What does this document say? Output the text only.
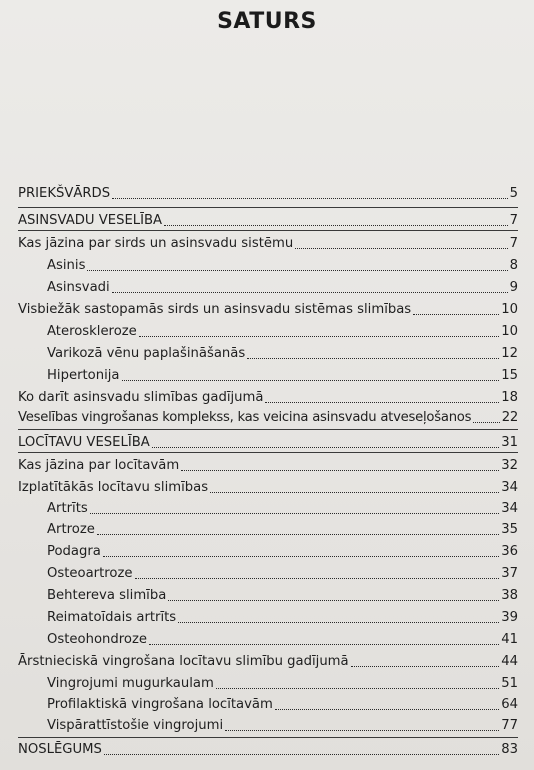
SATURS
PRIEKŠVĀRDS	5
ASINSVADU VESELĪBA	7
Kas jāzina par sirds un asinsvadu sistēmu	7
Asinis	8
Asinsvadi	9
Visbiežāk sastopamās sirds un asinsvadu sistēmas slimības	10
Ateroskleroze	10
Varikozā vēnu paplašināšanās	12
Hipertonija	15
Ko darīt asinsvadu slimības gadījumā	18
Veselības vingrošanas komplekss, kas veicina asinsvadu atveseļošanos 22
LOCĪTAVU VESELĪBA	31
Kas jāzina par locītavām	32
Izplatītākās locītavu slimības	34
Artrīts	34
Artroze	35
Podagra	36
Osteoartroze	37
Behtereva slimība	38
Reimatoīdais artrīts	39
Osteohondroze	41
Ārstnieciskā vingrošana locītavu slimību gadījumā	44
Vingrojumi mugurkaulam	51
Profilaktiskā vingrošana locītavām	64
Vispārattīstošie vingrojumi	77
NOSLĒGUMS	83
